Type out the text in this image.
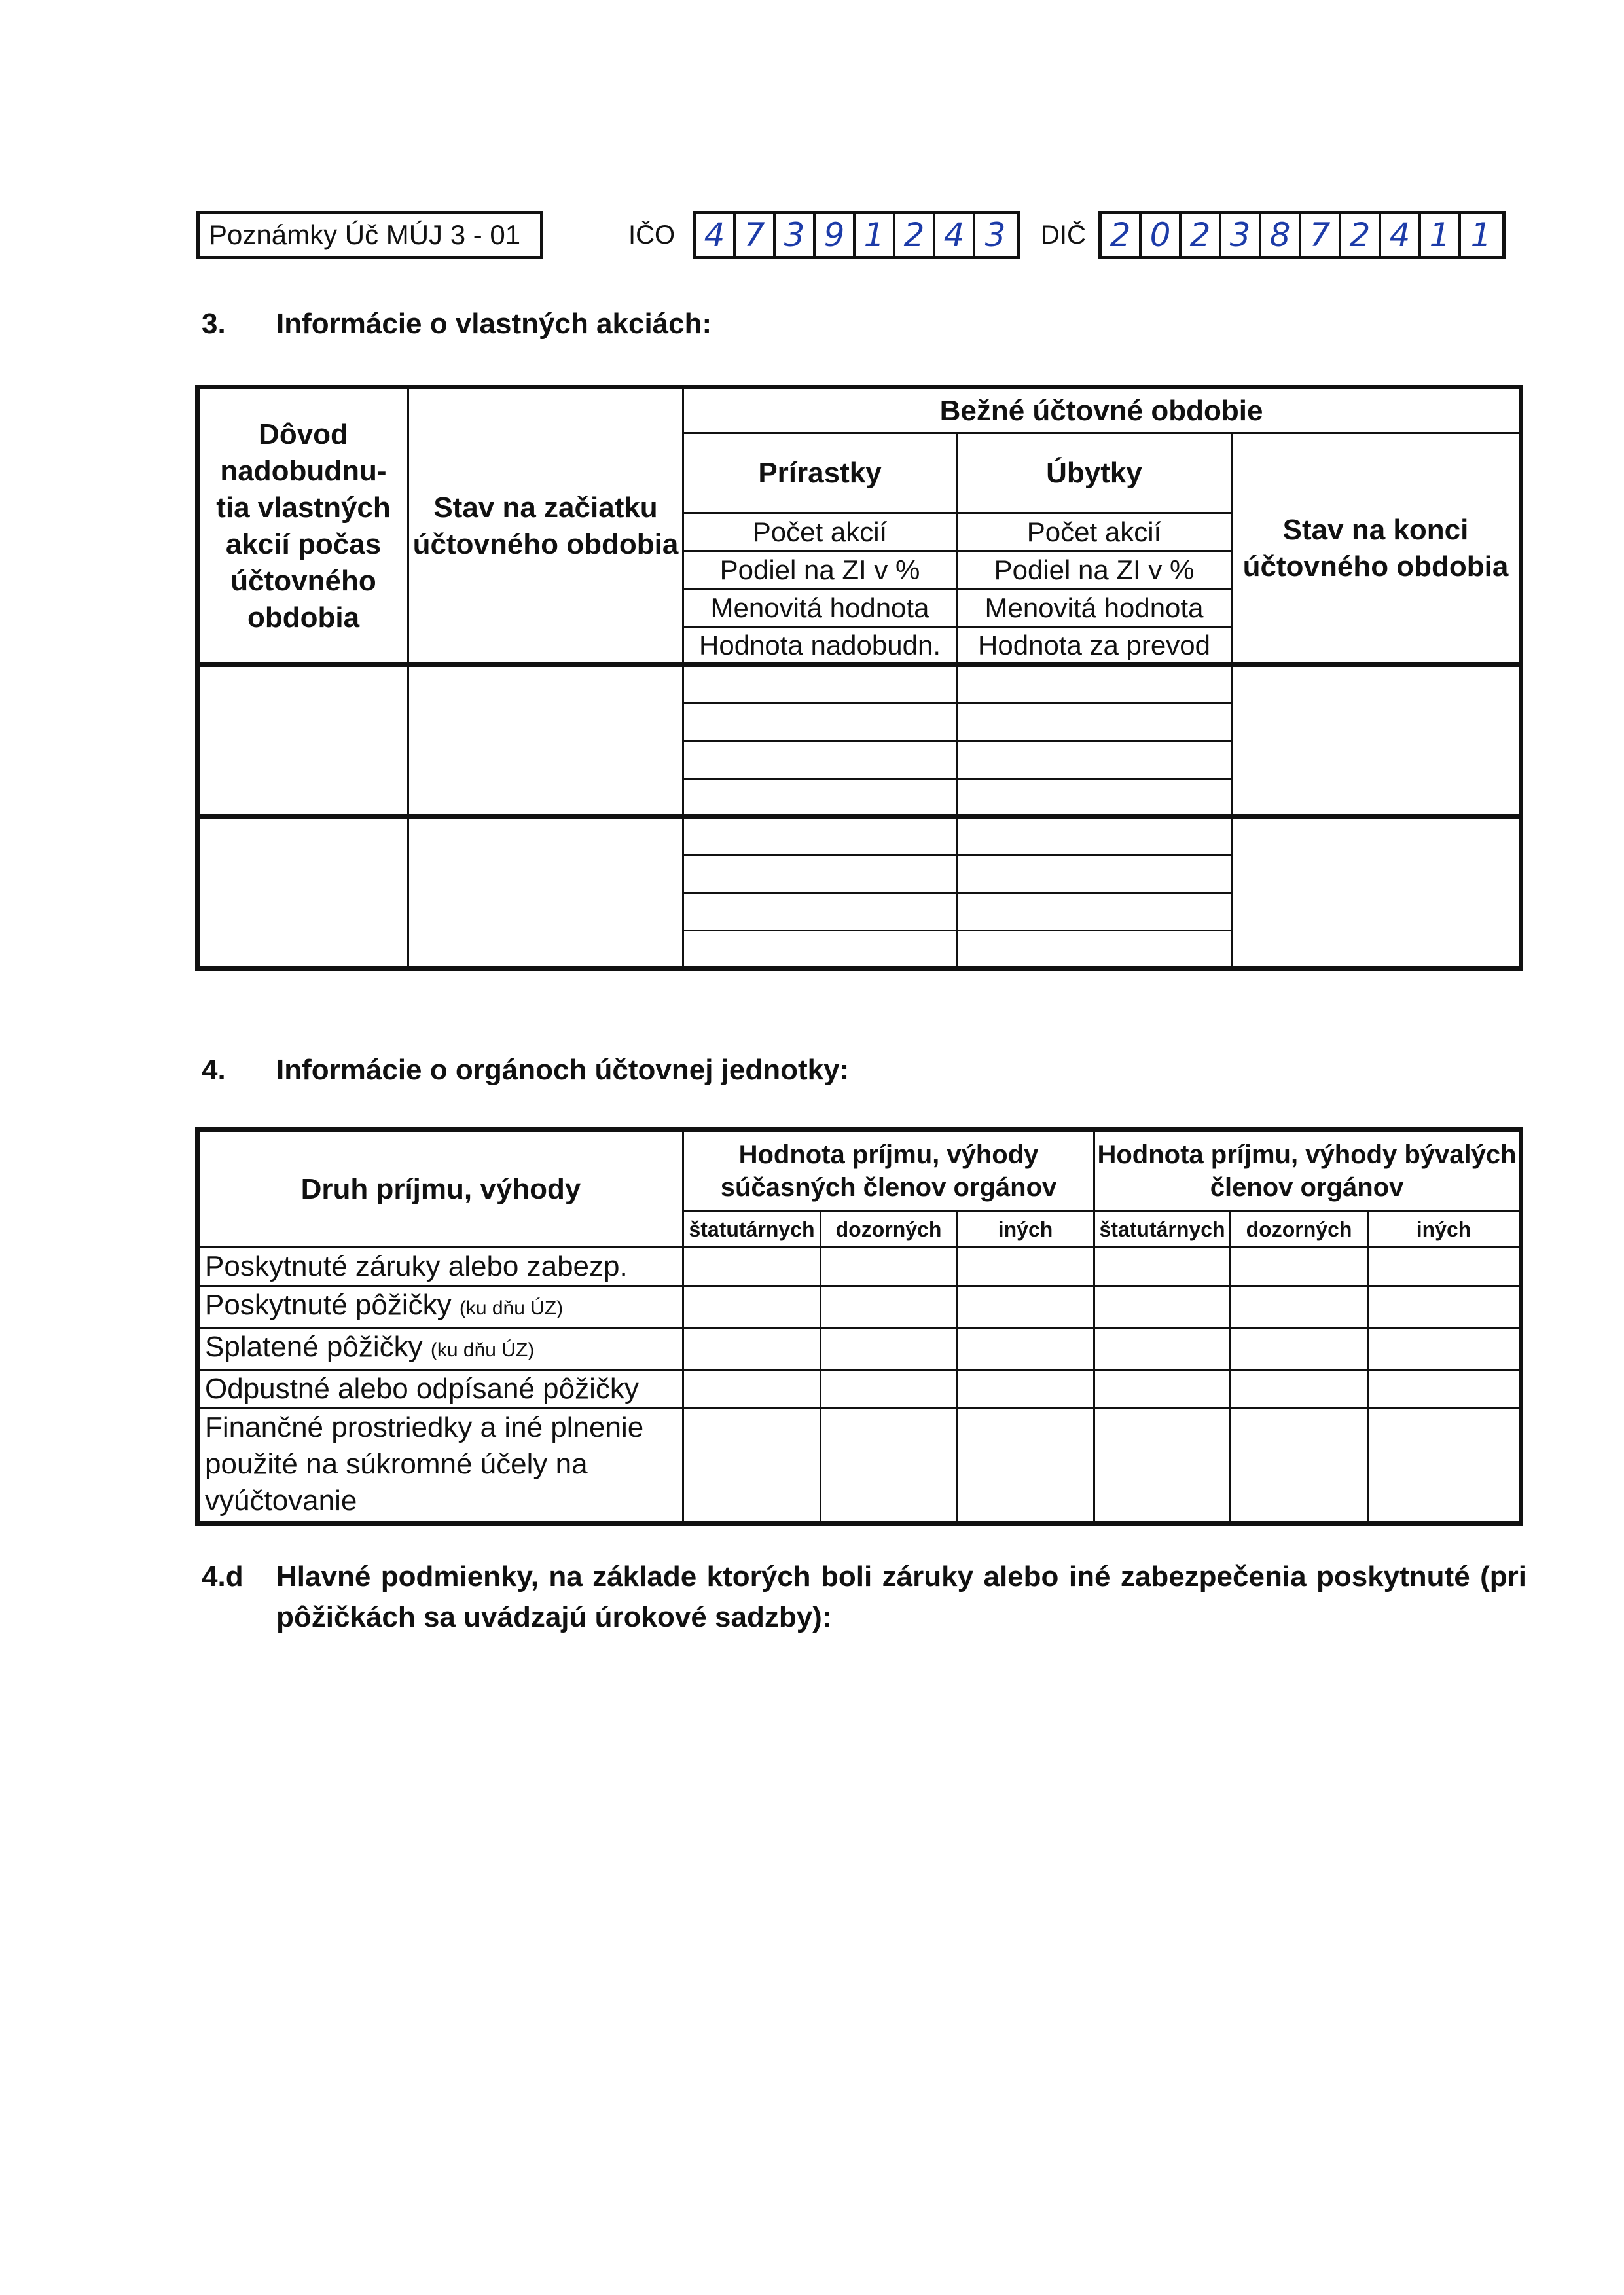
Poznámky Úč MÚJ 3 - 01	IČO 4 7 3 9 1 2 4 3	DIČ 2 0 2 3 8 7 2 4 1 1
3. Informácie o vlastných akciách:
Dôvod nadobudnu-tia vlastných akcií počas účtovného obdobia	Stav na začiatku účtovného obdobia	Bežné účtovné obdobie		
		Prírastky	Úbytky	Stav na konci účtovného obdobia
		Počet akcií	Počet akcií	
		Podiel na ZI v %	Podiel na ZI v %	
		Menovitá hodnota	Menovitá hodnota	
		Hodnota nadobudn.	Hodnota za prevod	

4. Informácie o orgánoch účtovnej jednotky:
Druh príjmu, výhody	Hodnota príjmu, výhody súčasných členov orgánov			Hodnota príjmu, výhody bývalých členov orgánov		
	štatutárnych	dozorných	iných	štatutárnych	dozorných	iných
Poskytnuté záruky alebo zabezp.						
Poskytnuté pôžičky (ku dňu ÚZ)						
Splatené pôžičky (ku dňu ÚZ)						
Odpustné alebo odpísané pôžičky						
Finančné prostriedky a iné plnenie použité na súkromné účely na vyúčtovanie						
4.d Hlavné podmienky, na základe ktorých boli záruky alebo iné zabezpečenia poskytnuté (pri pôžičkách sa uvádzajú úrokové sadzby):
